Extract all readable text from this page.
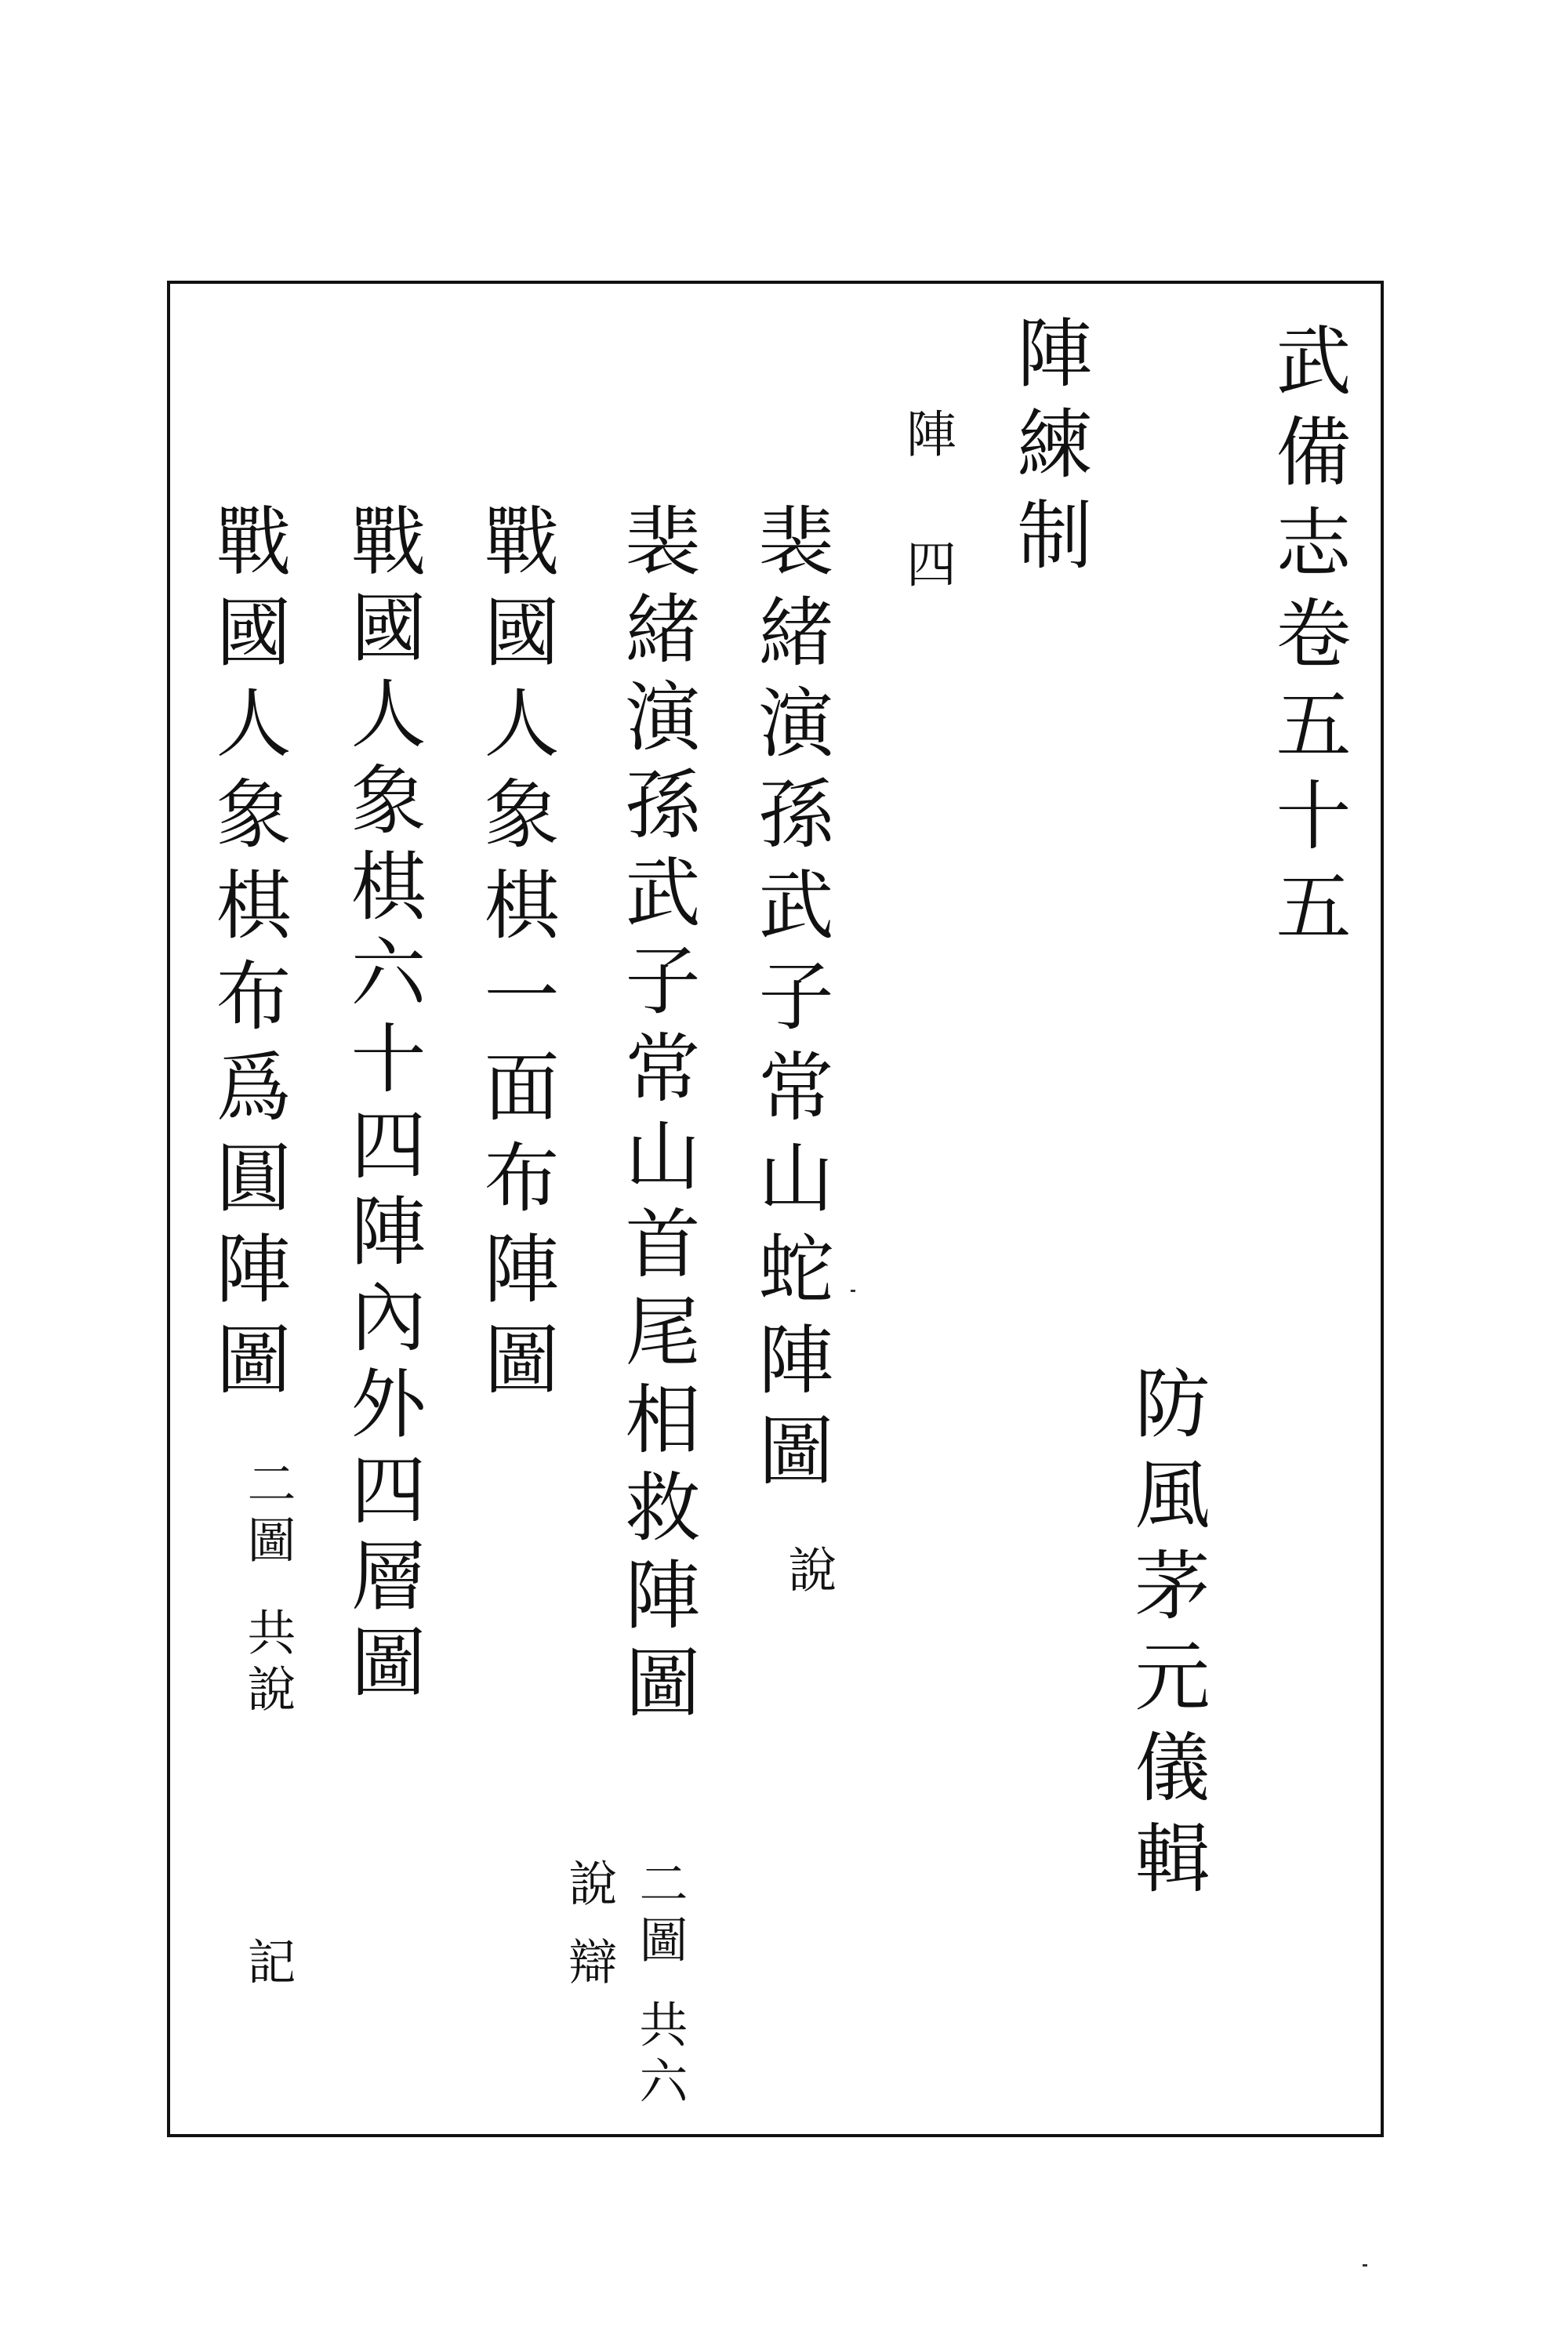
武備志卷五十五
防風茅元儀輯
陣練制
陣 四
裴緒演孫武子常山蛇陣圖
說
裴緒演孫武子常山首尾相救陣圖
二圖
共六
說
辯
戰國人象棋一面布陣圖
戰國人象棋六十四陣內外四層圖
戰國人象棋布爲圓陣圖
二圖
共說
記
